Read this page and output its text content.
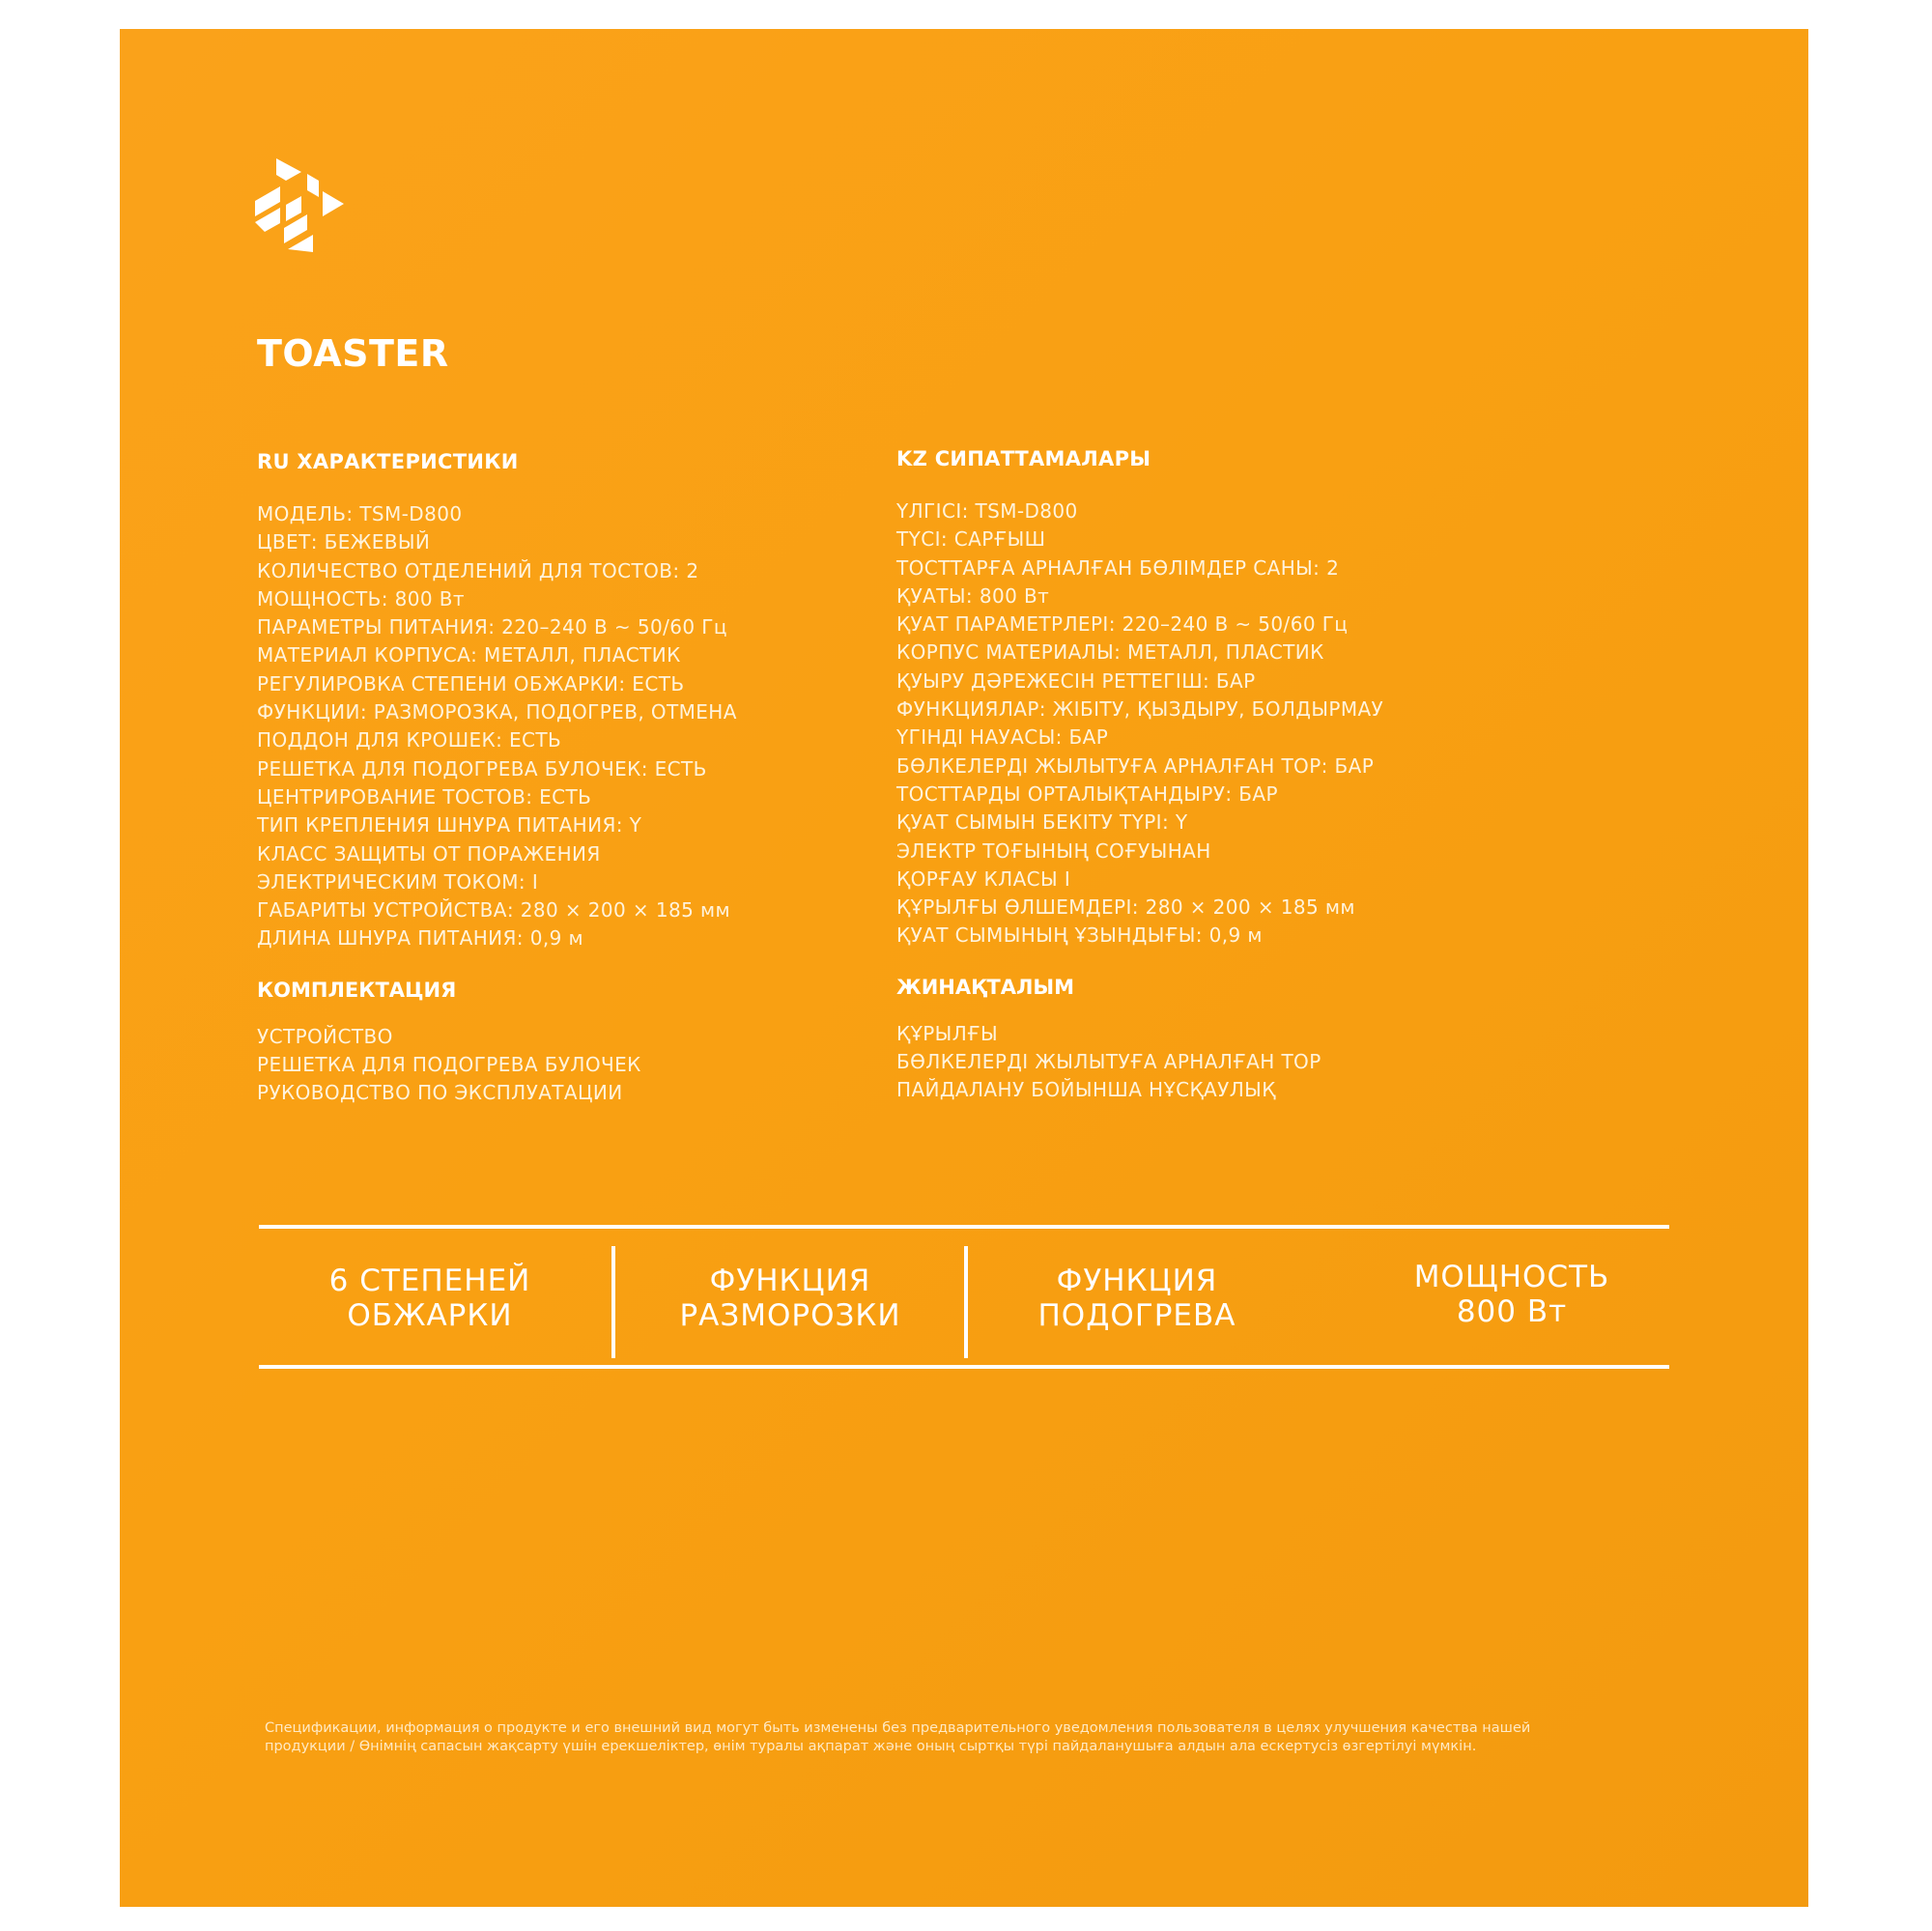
TOASTER
RU ХАРАКТЕРИСТИКИ
МОДЕЛЬ: TSM-D800
ЦВЕТ: БЕЖЕВЫЙ
КОЛИЧЕСТВО ОТДЕЛЕНИЙ ДЛЯ ТОСТОВ: 2
МОЩНОСТЬ: 800 Вт
ПАРАМЕТРЫ ПИТАНИЯ: 220–240 В ~ 50/60 Гц
МАТЕРИАЛ КОРПУСА: МЕТАЛЛ, ПЛАСТИК
РЕГУЛИРОВКА СТЕПЕНИ ОБЖАРКИ: ЕСТЬ
ФУНКЦИИ: РАЗМОРОЗКА, ПОДОГРЕВ, ОТМЕНА
ПОДДОН ДЛЯ КРОШЕК: ЕСТЬ
РЕШЕТКА ДЛЯ ПОДОГРЕВА БУЛОЧЕК: ЕСТЬ
ЦЕНТРИРОВАНИЕ ТОСТОВ: ЕСТЬ
ТИП КРЕПЛЕНИЯ ШНУРА ПИТАНИЯ: Y
КЛАСС ЗАЩИТЫ ОТ ПОРАЖЕНИЯ
ЭЛЕКТРИЧЕСКИМ ТОКОМ: I
ГАБАРИТЫ УСТРОЙСТВА: 280 × 200 × 185 мм
ДЛИНА ШНУРА ПИТАНИЯ: 0,9 м
КОМПЛЕКТАЦИЯ
УСТРОЙСТВО
РЕШЕТКА ДЛЯ ПОДОГРЕВА БУЛОЧЕК
РУКОВОДСТВО ПО ЭКСПЛУАТАЦИИ
KZ СИПАТТАМАЛАРЫ
ҮЛГІСІ: TSM-D800
ТҮСІ: САРҒЫШ
ТОСТТАРҒА АРНАЛҒАН БӨЛІМДЕР САНЫ: 2
ҚУАТЫ: 800 Вт
ҚУАТ ПАРАМЕТРЛЕРІ: 220–240 В ~ 50/60 Гц
КОРПУС МАТЕРИАЛЫ: МЕТАЛЛ, ПЛАСТИК
ҚУЫРУ ДӘРЕЖЕСІН РЕТТЕГІШ: БАР
ФУНКЦИЯЛАР: ЖІБІТУ, ҚЫЗДЫРУ, БОЛДЫРМАУ
ҮГІНДІ НАУАСЫ: БАР
БӨЛКЕЛЕРДІ ЖЫЛЫТУҒА АРНАЛҒАН ТОР: БАР
ТОСТТАРДЫ ОРТАЛЫҚТАНДЫРУ: БАР
ҚУАТ СЫМЫН БЕКІТУ ТҮРІ: Y
ЭЛЕКТР ТОҒЫНЫҢ СОҒУЫНАН
ҚОРҒАУ КЛАСЫ I
ҚҰРЫЛҒЫ ӨЛШЕМДЕРІ: 280 × 200 × 185 мм
ҚУАТ СЫМЫНЫҢ ҰЗЫНДЫҒЫ: 0,9 м
ЖИНАҚТАЛЫМ
ҚҰРЫЛҒЫ
БӨЛКЕЛЕРДІ ЖЫЛЫТУҒА АРНАЛҒАН ТОР
ПАЙДАЛАНУ БОЙЫНША НҰСҚАУЛЫҚ
6 СТЕПЕНЕЙ
ОБЖАРКИ
ФУНКЦИЯ
РАЗМОРОЗКИ
ФУНКЦИЯ
ПОДОГРЕВА
МОЩНОСТЬ
800 Вт
Спецификации, информация о продукте и его внешний вид могут быть изменены без предварительного уведомления пользователя в целях улучшения качества нашей продукции / Өнімнің сапасын жақсарту үшін ерекшеліктер, өнім туралы ақпарат және оның сыртқы түрі пайдаланушыға алдын ала ескертусіз өзгертілуі мүмкін.
